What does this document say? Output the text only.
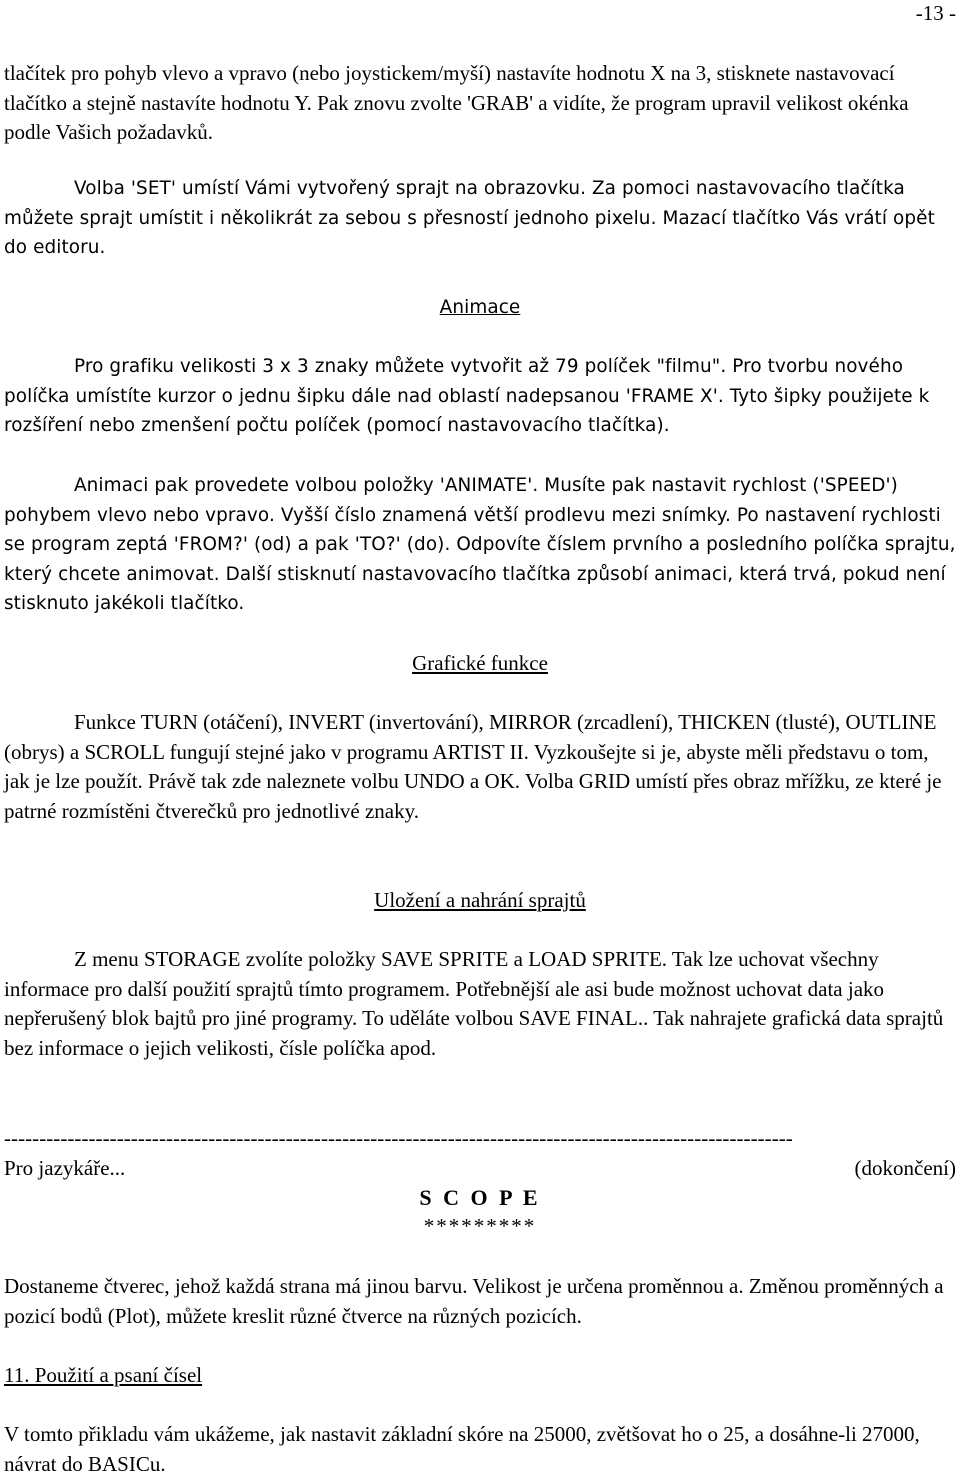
-13 -

tlačítek pro pohyb vlevo a vpravo (nebo joystickem/myší) nastavíte hodnotu X na 3, stisknete nastavovací tlačítko a stejně nastavíte hodnotu Y. Pak znovu zvolte 'GRAB' a vidíte, že program upravil velikost okénka podle Vašich požadavků.

Volba 'SET' umístí Vámi vytvořený sprajt na obrazovku. Za pomoci nastavovacího tlačítka můžete sprajt umístit i několikrát za sebou s přesností jednoho pixelu. Mazací tlačítko Vás vrátí opět do editoru.

Animace

Pro grafiku velikosti 3 x 3 znaky můžete vytvořit až 79 políček "filmu". Pro tvorbu nového políčka umístíte kurzor o jednu šipku dále nad oblastí nadepsanou 'FRAME X'. Tyto šipky použijete k rozšíření nebo zmenšení počtu políček (pomocí nastavovacího tlačítka).

Animaci pak provedete volbou položky 'ANIMATE'. Musíte pak nastavit rychlost ('SPEED') pohybem vlevo nebo vpravo. Vyšší číslo znamená větší prodlevu mezi snímky. Po nastavení rychlosti se program zeptá 'FROM?' (od) a pak 'TO?' (do). Odpovíte číslem prvního a posledního políčka sprajtu, který chcete animovat. Další stisknutí nastavovacího tlačítka způsobí animaci, která trvá, pokud není stisknuto jakékoli tlačítko.

Grafické funkce

Funkce TURN (otáčení), INVERT (invertování), MIRROR (zrcadlení), THICKEN (tlusté), OUTLINE (obrys) a SCROLL fungují stejné jako v programu ARTIST II. Vyzkoušejte si je, abyste měli představu o tom, jak je lze použít. Právě tak zde naleznete volbu UNDO a OK. Volba GRID umístí přes obraz mřížku, ze které je patrné rozmístěni čtverečků pro jednotlivé znaky.

Uložení a nahrání sprajtů

Z menu STORAGE zvolíte položky SAVE SPRITE a LOAD SPRITE. Tak lze uchovat všechny informace pro další použití sprajtů tímto programem. Potřebnější ale asi bude možnost uchovat data jako nepřerušený blok bajtů pro jiné programy. To uděláte volbou SAVE FINAL.. Tak nahrajete grafická data sprajtů bez informace o jejich velikosti, čísle políčka apod.

----------------------------------------------------------------------------------------------------------------
Pro jazykáře...	(dokončení)
S C O P E
*********

Dostaneme čtverec, jehož každá strana má jinou barvu. Velikost je určena proměnnou a. Změnou proměnných a pozicí bodů (Plot), můžete kreslit různé čtverce na různých pozicích.

11. Použití a psaní čísel

V tomto přikladu vám ukážeme, jak nastavit základní skóre na 25000, zvětšovat ho o 25, a dosáhne-li 27000, návrat do BASICu.
